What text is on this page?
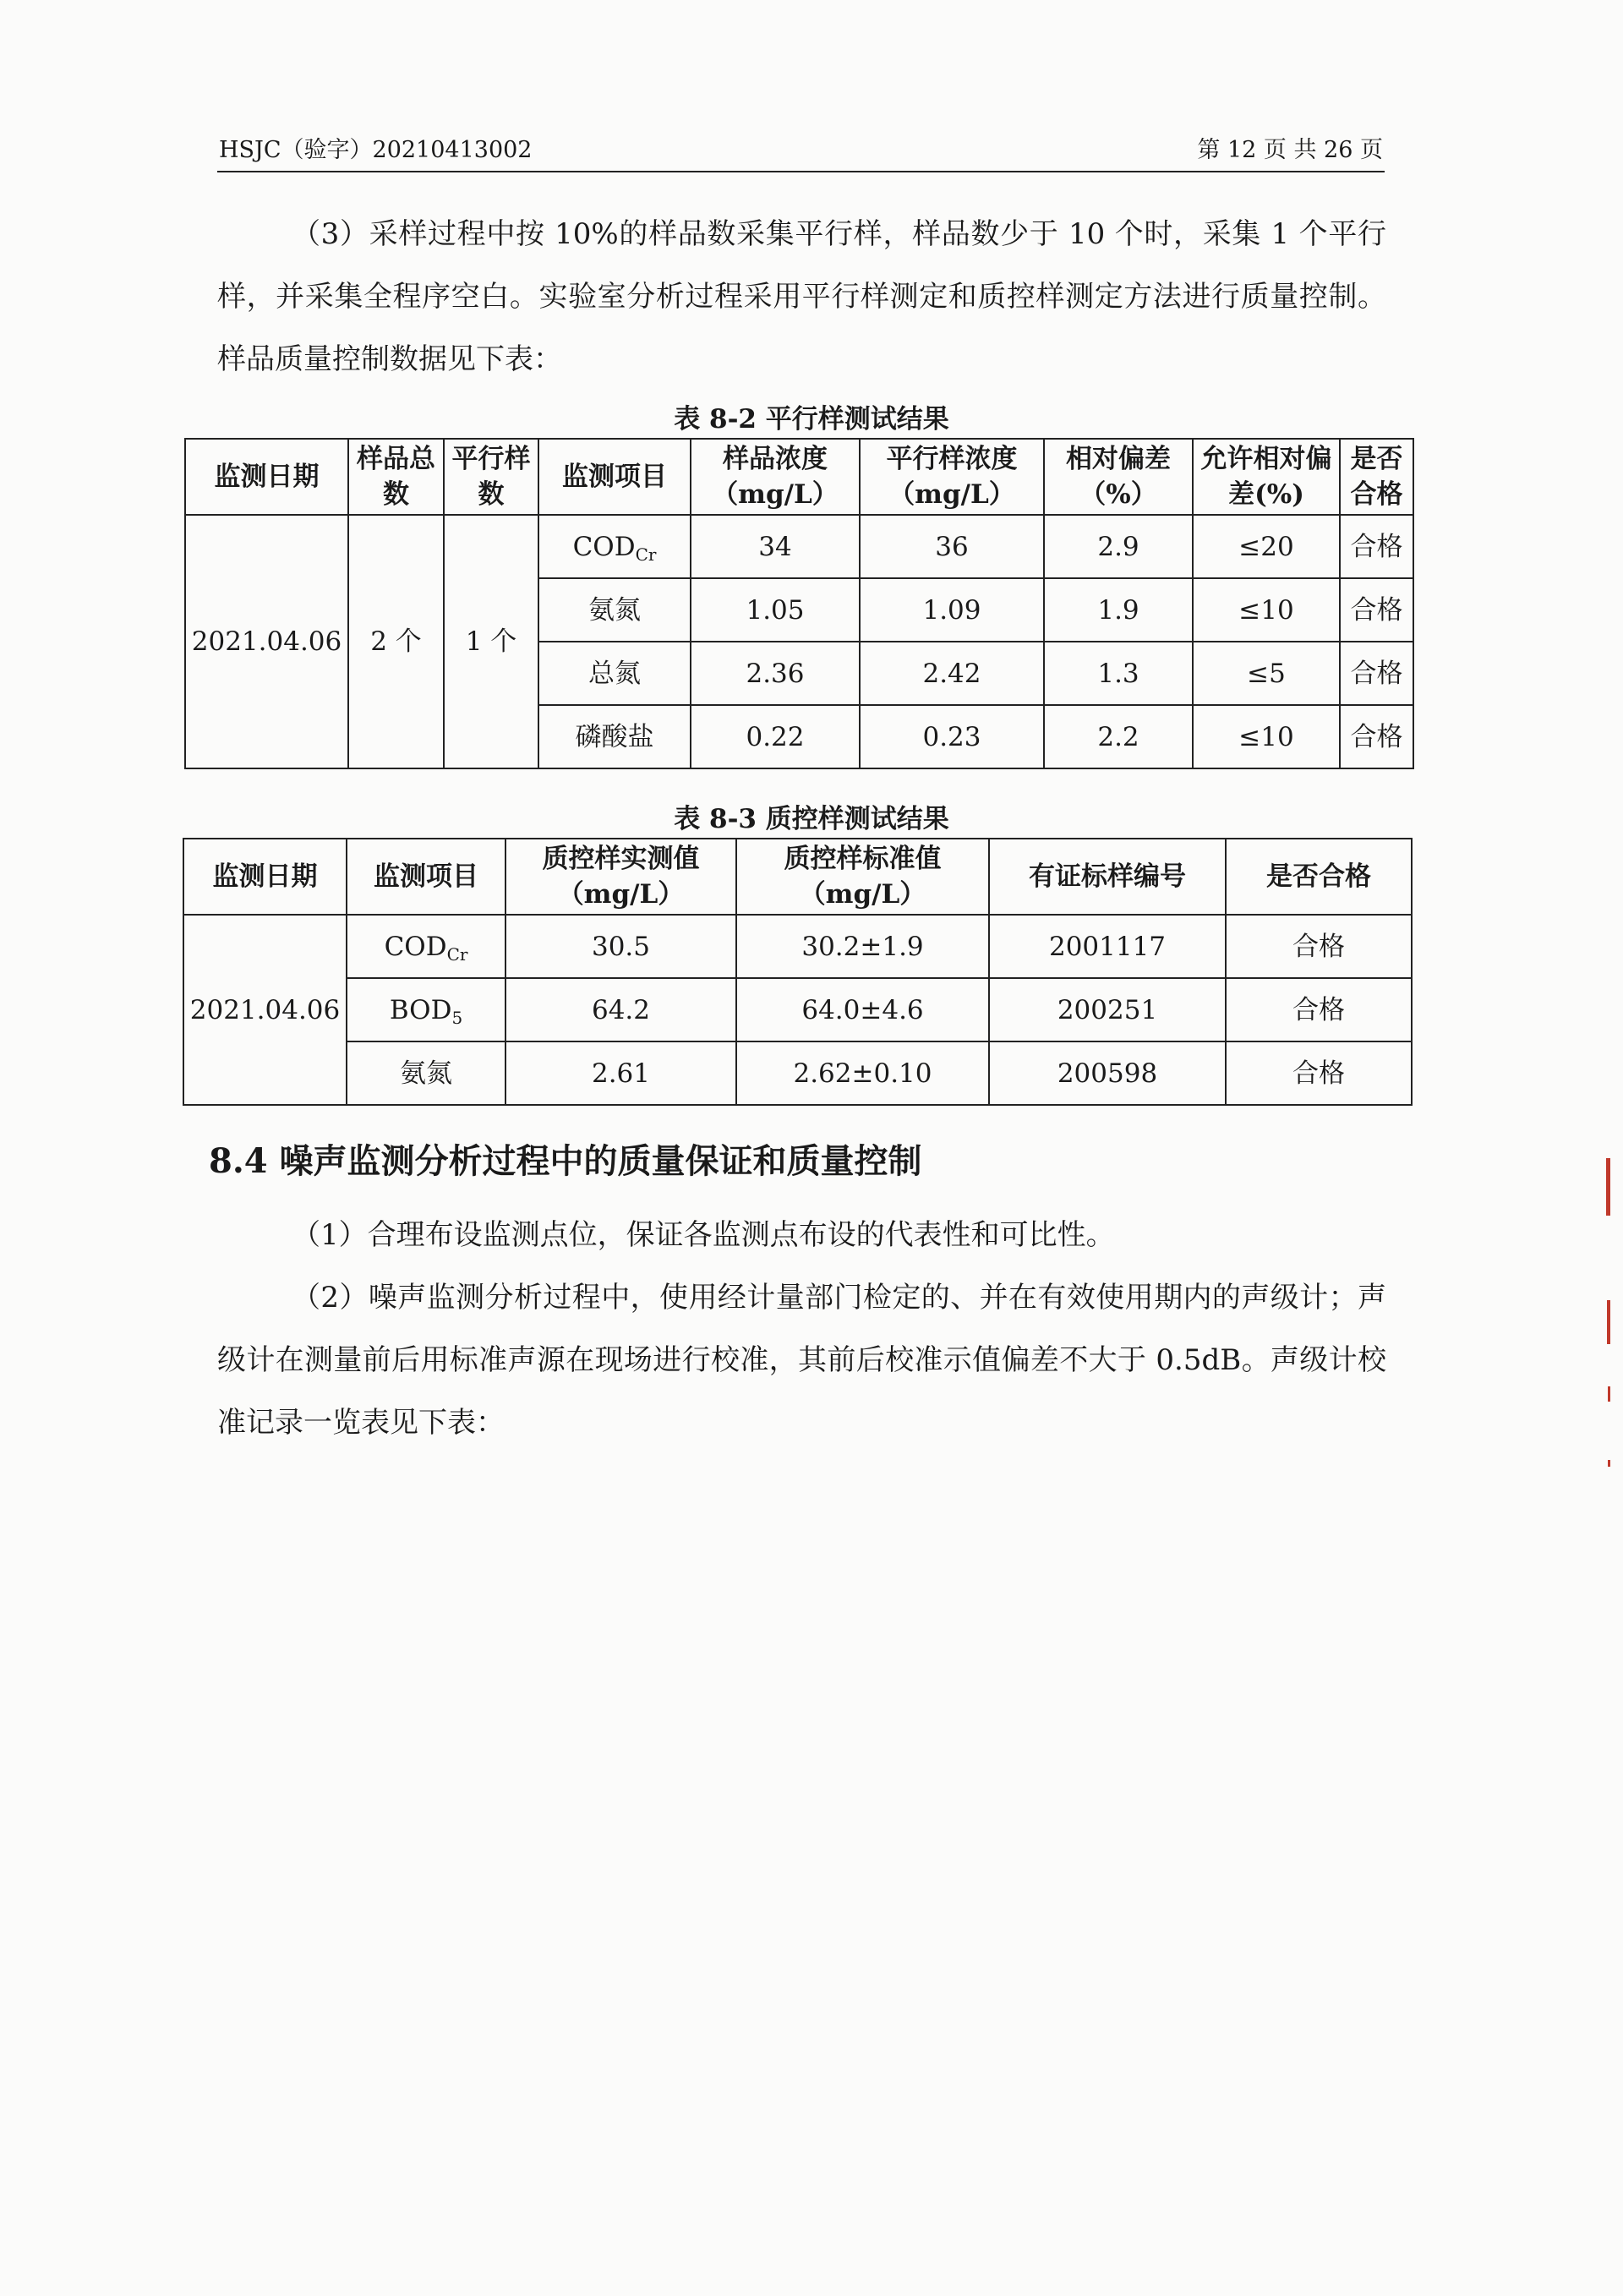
HSJC（验字）20210413002	第 12 页 共 26 页

（3）采样过程中按 10%的样品数采集平行样，样品数少于 10 个时，采集 1 个平行样，并采集全程序空白。实验室分析过程采用平行样测定和质控样测定方法进行质量控制。样品质量控制数据见下表：

表 8-2 平行样测试结果

监测日期	样品总数	平行样数	监测项目	样品浓度（mg/L）	平行样浓度（mg/L）	相对偏差（%）	允许相对偏差(%)	是否合格
2021.04.06	2 个	1 个	$COD_{Cr}$	34	36	2.9	≤20	合格
			氨氮	1.05	1.09	1.9	≤10	合格
			总氮	2.36	2.42	1.3	≤5	合格
			磷酸盐	0.22	0.23	2.2	≤10	合格

表 8-3 质控样测试结果

监测日期	监测项目	质控样实测值（mg/L）	质控样标准值（mg/L）	有证标样编号	是否合格
2021.04.06	$COD_{Cr}$	30.5	30.2±1.9	2001117	合格
	$BOD_5$	64.2	64.0±4.6	200251	合格
	氨氮	2.61	2.62±0.10	200598	合格

8.4 噪声监测分析过程中的质量保证和质量控制

（1）合理布设监测点位，保证各监测点布设的代表性和可比性。

（2）噪声监测分析过程中，使用经计量部门检定的、并在有效使用期内的声级计；声级计在测量前后用标准声源在现场进行校准，其前后校准示值偏差不大于 0.5dB。声级计校准记录一览表见下表：
